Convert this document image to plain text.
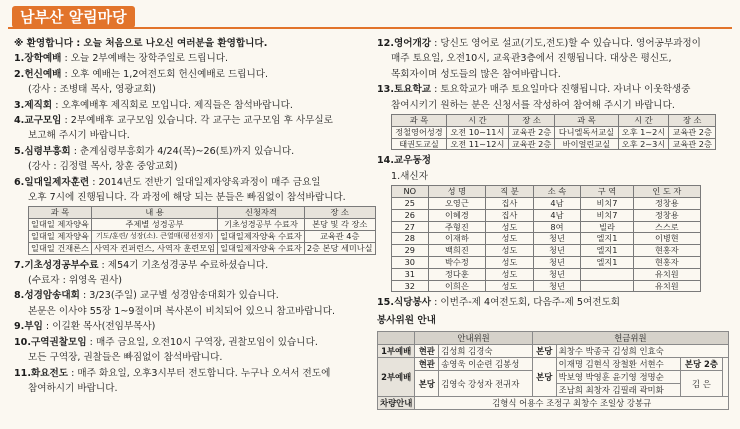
남부산 알림마당
※ 환영합니다 : 오늘 처음으로 나오신 여러분을 환영합니다.
1.장학예배 : 오늘 2부예배는 장학주일로 드립니다.
2.헌신예배 : 오후 예배는 1,2여전도회 헌신예배로 드립니다.
(강사 : 조병태 목사, 영광교회)
3.제직회 : 오후예배후 제직회로 모입니다. 제직들은 참석바랍니다.
4.교구모임 : 2부예배후 교구모임 있습니다. 각 교구는 교구모임 후 사무실로
보고해 주시기 바랍니다.
5.심령부흥회 : 춘계심령부흥회가 4/24(목)~26(토)까지 있습니다.
(강사 : 김정렬 목사, 창훈 중앙교회)
6.일대일제자훈련 : 2014년도 전반기 일대일제자양육과정이 매주 금요일
오후 7시에 진행됩니다. 각 과정에 해당 되는 분들은 빠짐없이 참석바랍니다.
과 목	내 용	신청자격	장 소
일대일 제자양육	주제별 성경공부	기초성경공부 수료자	본당 및 각 장소
일대일 제자양육	기도/훈련/ 성장(소). 큰열매(평선정지)	일대일제자양육 수료자	교육관 4층
일대일 건재론스	사역자 컨퍼런스, 사역자 훈련모임	일대일제자양육 수료자	2층 본당 세미나실
7.기초성경공부수료 : 제54기 기초성경공부 수료하셨습니다.
(수료자 : 위영옥 권사)
8.성경암송대회 : 3/23(주일) 교구별 성경암송대회가 있습니다.
본문은 이사야 55장 1~9절이며 복사본이 비치되어 있으니 참고바랍니다.
9.부임 : 이길환 목사(전임부목사)
10.구역권찰모임 : 매주 금요일, 오전10시 구역장, 권찰모임이 있습니다.
모든 구역장, 권찰들은 빠짐없이 참석바랍니다.
11.화요전도 : 매주 화요일, 오후3시부터 전도합니다. 누구나 오셔서 전도에
참여하시기 바랍니다.
12.영어개강 : 당신도 영어로 설교(기도,전도)할 수 있습니다. 영어공부과정이
매주 토요일, 오전10시, 교육관3층에서 진행됩니다. 대상은 평신도,
목회자이며 성도들의 많은 참여바랍니다.
13.토요학교 : 토요학교가 매주 토요일마다 진행됩니다. 자녀나 이웃학생중
참여시키기 원하는 분은 신청서를 작성하여 참여해 주시기 바랍니다.
과 목	시 간	장 소	과 목	시 간	장 소
정철영어성경	오전 10~11시	교육관 2층	다니엘독서교실	오후 1~2시	교육관 2층
태권도교실	오전 11~12시	교육관 2층	바이얼린교실	오후 2~3시	교육관 2층
14.교우동정
1.새신자
NO	성 명	직 분	소 속	구 역	인 도 자
25	오영근	집사	4남	비치7	정창용
26	이혜경	집사	4남	비치7	정창용
27	주형진	성도	8여	빌라	스스로
28	이재하	성도	청년	엘지1	이병현
29	백희진	성도	청년	엘지1	현홍자
30	박수정	성도	청년	엘지1	현홍자
31	정다훈	성도	청년		유치원
32	이희은	성도	청년		유치원
15.식당봉사 : 이번주-제 4여전도회, 다음주-제 5여전도회
봉사위원 안내
	안내위원		헌금위원			
1부예배	현관	김성희 김경숙	본당	최창수 박종국 김성희 인효숙		
2부예배	현관	송영욱 이순련 김봉성	본당	이재명 김현식 장철환 서현수	본당 2층	
	본당	김영숙 강성자 전귀자		박보영 박영훈 윤기영 정명순	김 은	
				조남희 최창자 김필래 곽미화		
차량안내	김형식 어용수 조정구 최창수 조일상 강봉규					
